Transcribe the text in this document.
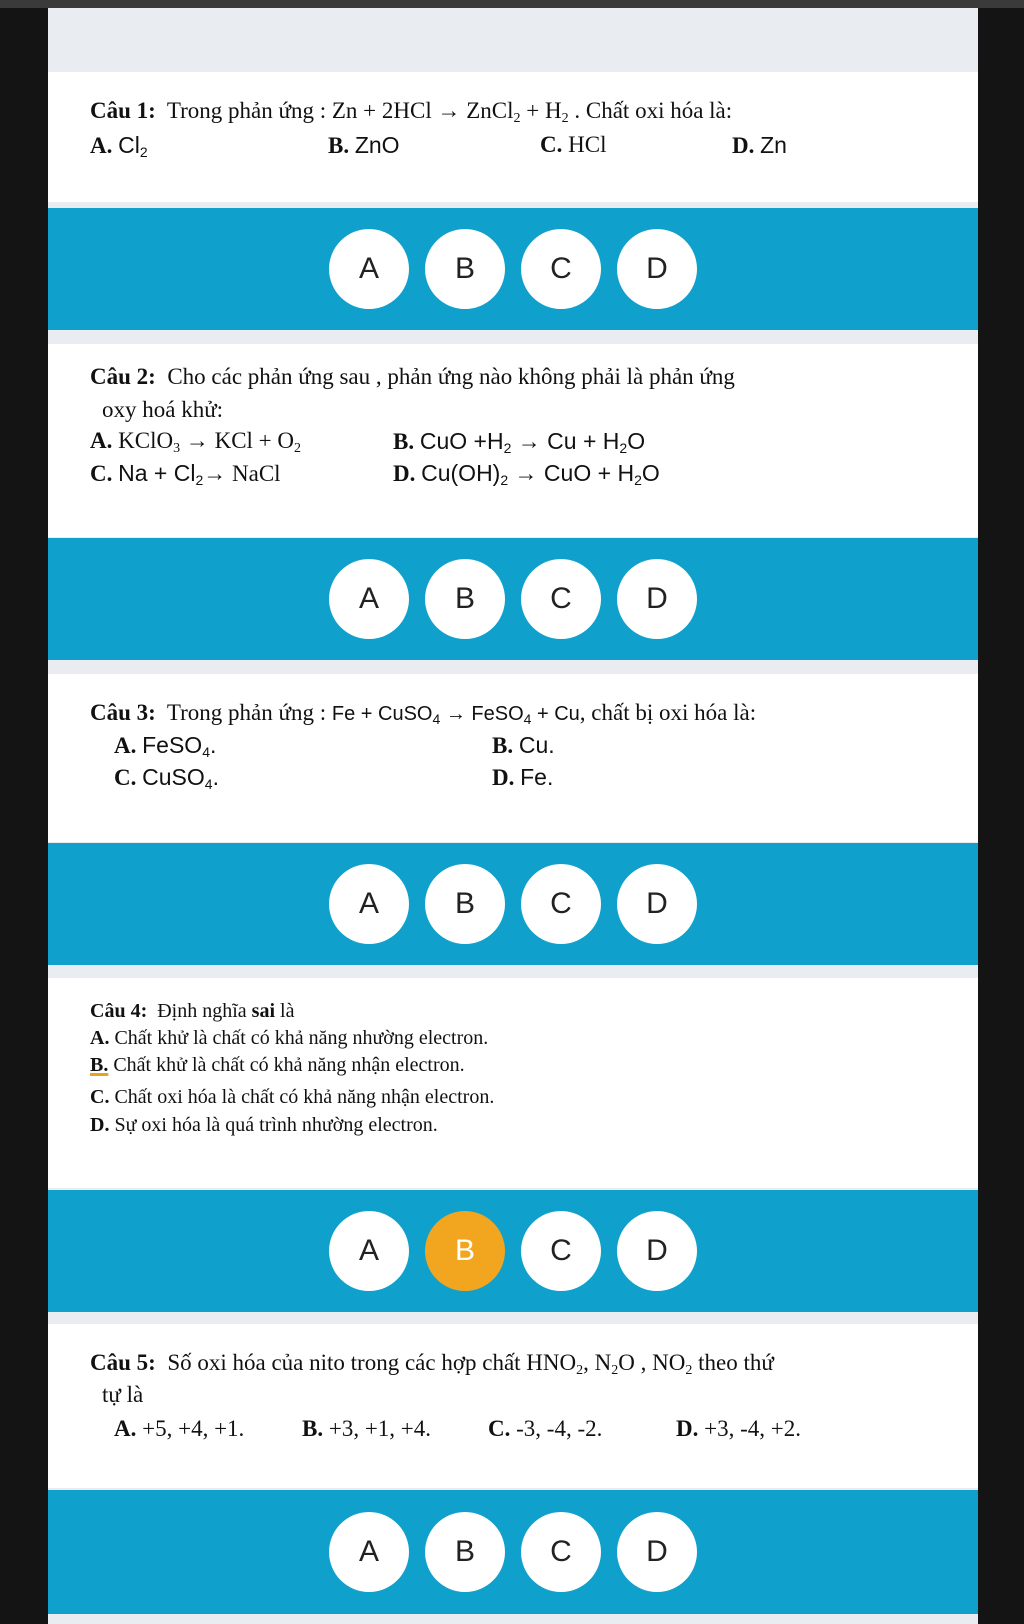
Câu 1: Trong phản ứng : Zn + 2HCl → ZnCl$_2$ + $H_2$ . Chất oxi hóa là:
A. $Cl_2$	B. ZnO	C. HCl	D. Zn
A	B	C	D
Câu 2: Cho các phản ứng sau , phản ứng nào không phải là phản ứng
oxy hoá khử:
A. KClO$_3$ → KCl + $O_2$	B. CuO $+H_2 \to Cu + H_2O$
C. $Na + Cl_2\to$ NaCl	D. $Cu(OH)_2$ → CuO + $H_2O$
A	B	C	D
Câu 3: Trong phản ứng : Fe + CuSO$_4$ → FeSO$_4$ + Cu, chất bị oxi hóa là:
A. FeSO$_4$.	B. Cu.
C. CuSO$_4$.	D. Fe.
A	B	C	D
Câu 4: Định nghĩa sai là
A. Chất khử là chất có khả năng nhường electron.
B. Chất khử là chất có khả năng nhận electron.
C. Chất oxi hóa là chất có khả năng nhận electron.
D. Sự oxi hóa là quá trình nhường electron.
A	B	C	D
Câu 5: Số oxi hóa của nito trong các hợp chất $HNO_2$, $N_2O$ , $NO_2$ theo thứ
tự là
A. +5, +4, +1.	B. +3, +1, +4. C. -3, -4, -2.	D. +3, -4, +2.
A	B	C	D
